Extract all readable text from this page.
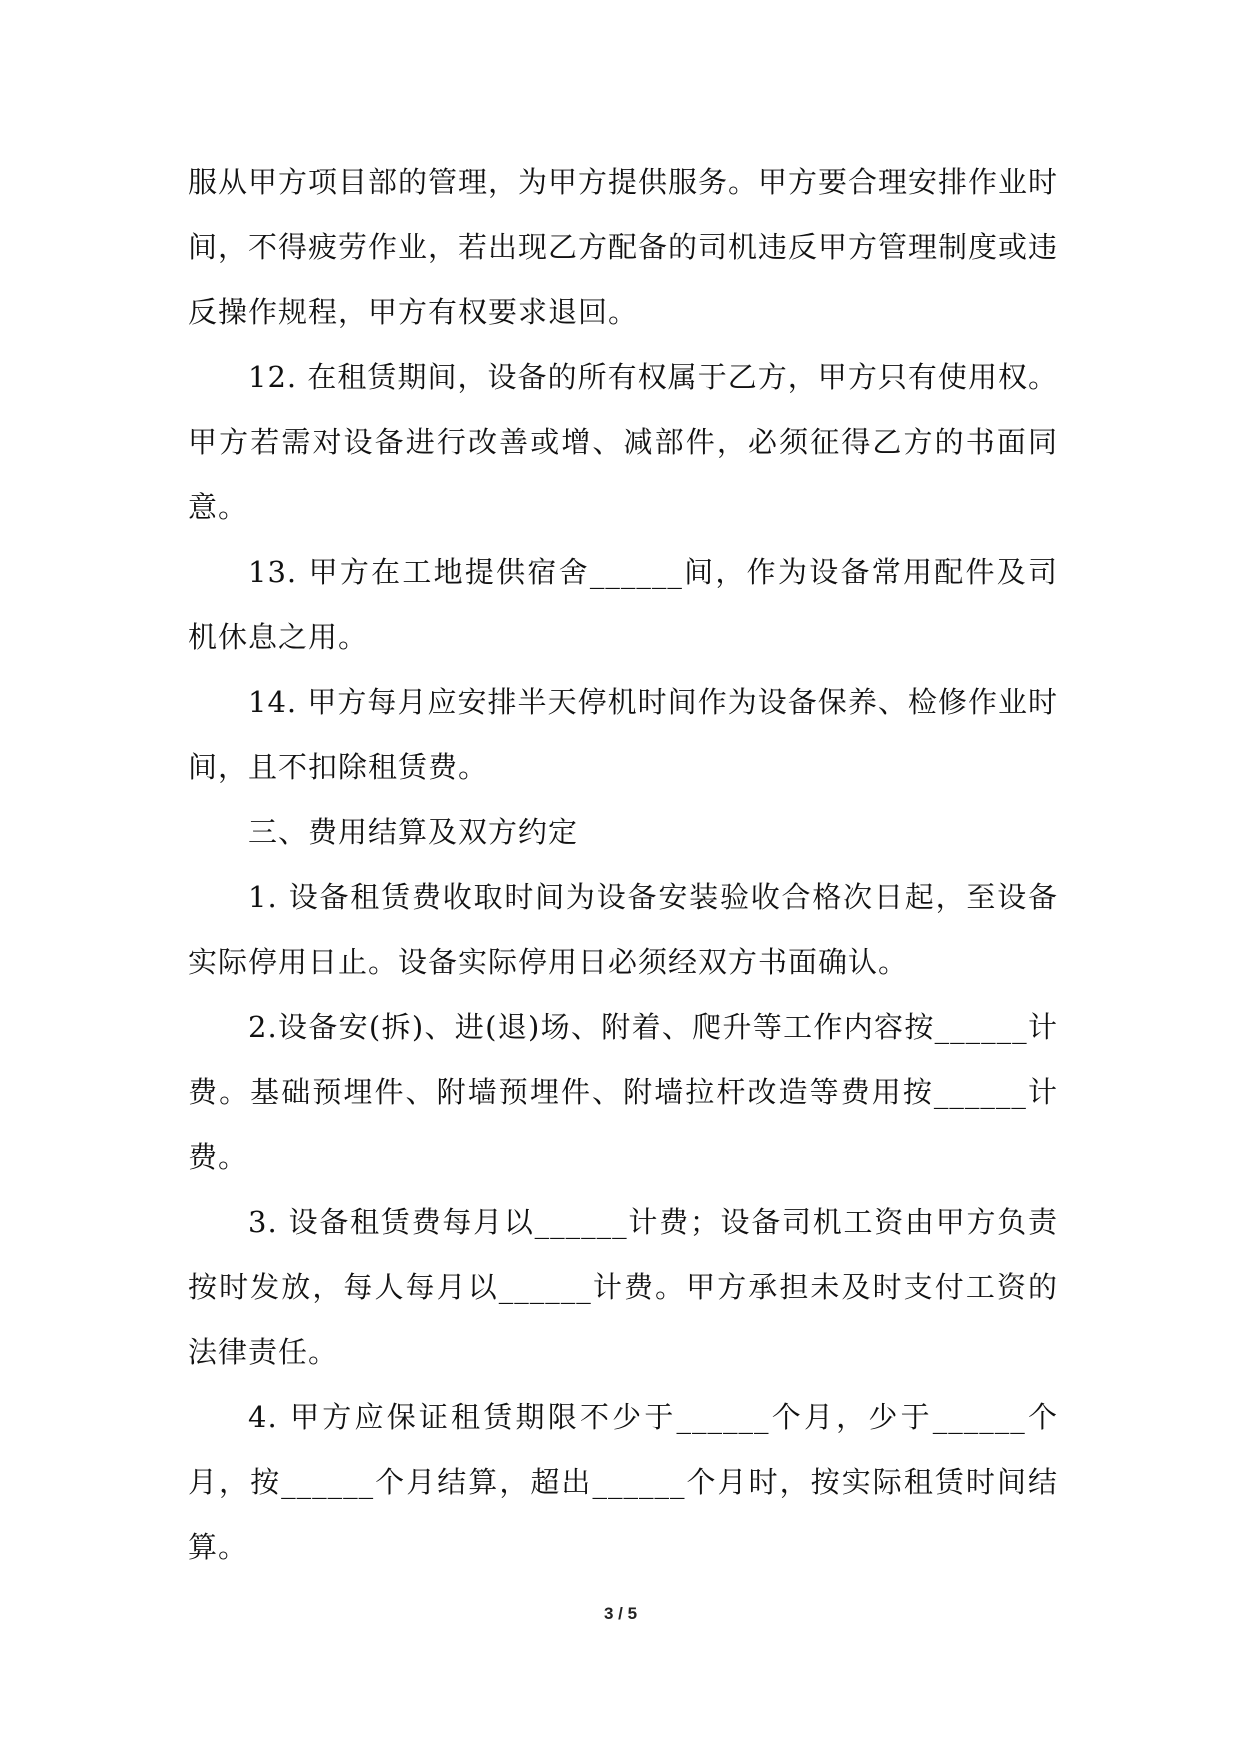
服从甲方项目部的管理，为甲方提供服务。甲方要合理安排作业时间，不得疲劳作业，若出现乙方配备的司机违反甲方管理制度或违反操作规程，甲方有权要求退回。

12. 在租赁期间，设备的所有权属于乙方，甲方只有使用权。甲方若需对设备进行改善或增、减部件，必须征得乙方的书面同意。

13. 甲方在工地提供宿舍______间，作为设备常用配件及司机休息之用。

14. 甲方每月应安排半天停机时间作为设备保养、检修作业时间，且不扣除租赁费。

三、费用结算及双方约定

1. 设备租赁费收取时间为设备安装验收合格次日起，至设备实际停用日止。设备实际停用日必须经双方书面确认。

2.设备安(拆)、进(退)场、附着、爬升等工作内容按______计费。基础预埋件、附墙预埋件、附墙拉杆改造等费用按______计费。

3. 设备租赁费每月以______计费；设备司机工资由甲方负责按时发放，每人每月以______计费。甲方承担未及时支付工资的法律责任。

4. 甲方应保证租赁期限不少于______个月，少于______个月，按______个月结算，超出______个月时，按实际租赁时间结算。

3 / 5
